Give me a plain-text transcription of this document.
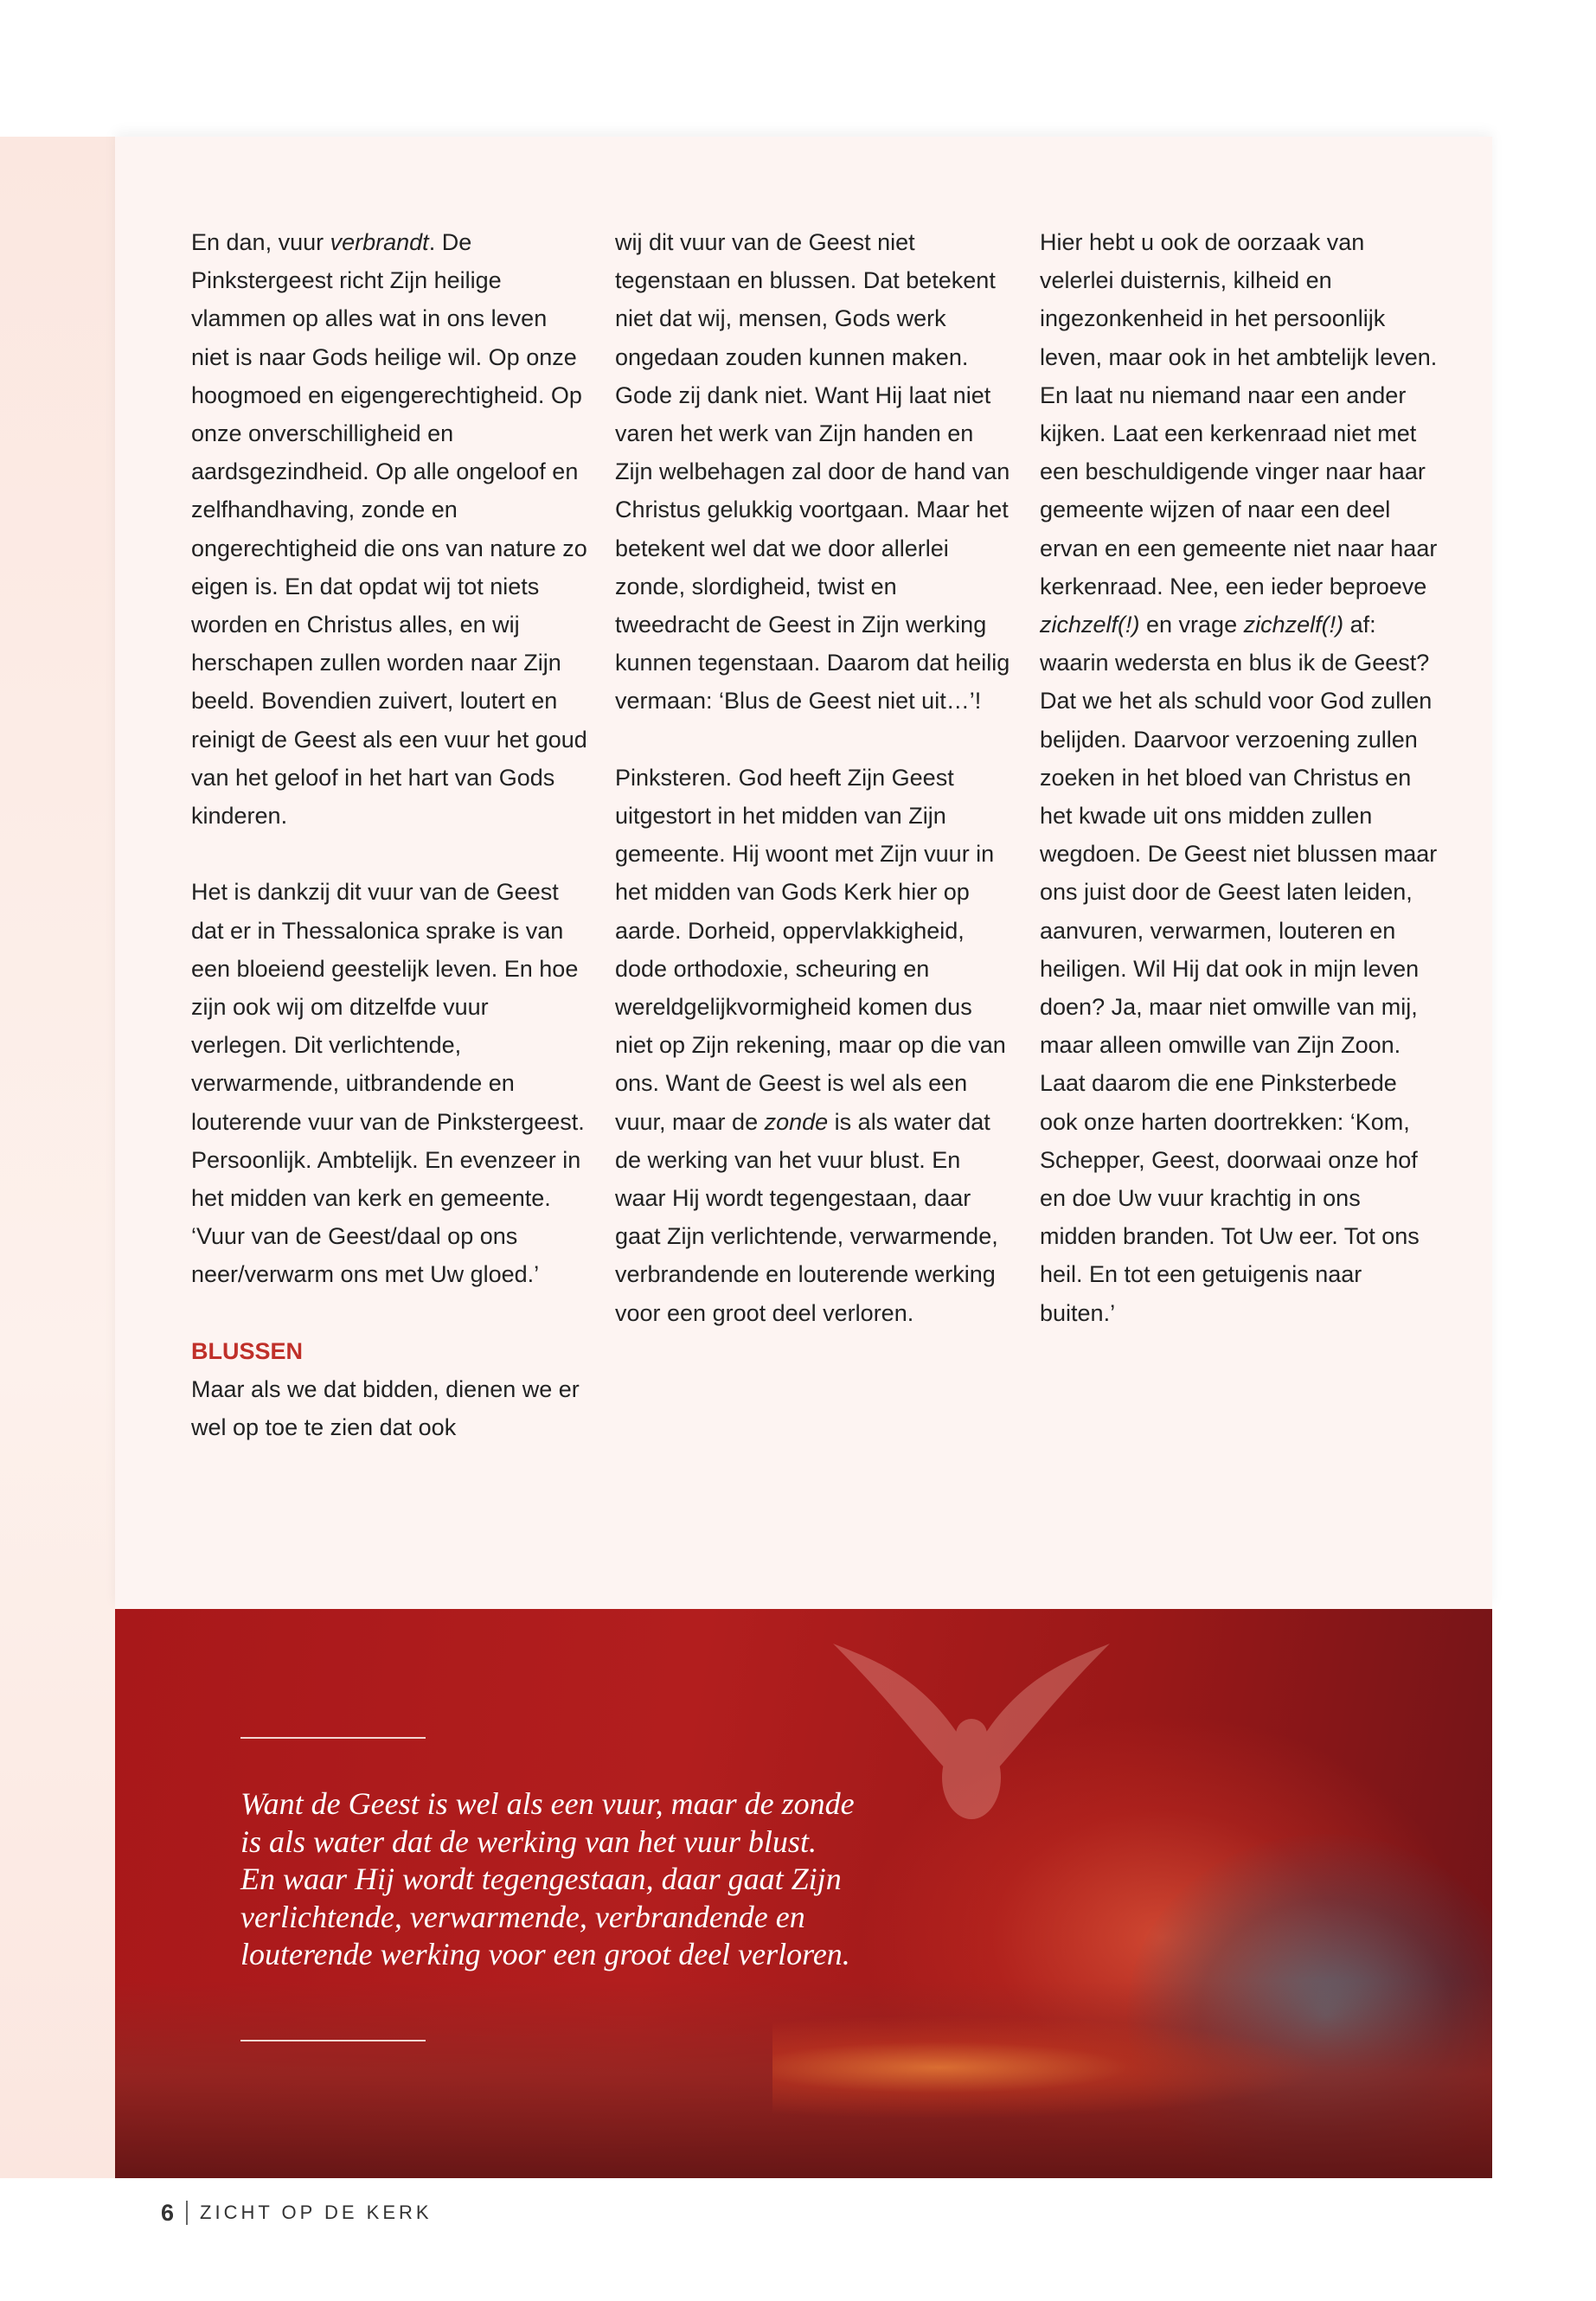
En dan, vuur verbrandt. De Pinkstergeest richt Zijn heilige vlammen op alles wat in ons leven niet is naar Gods heilige wil. Op onze hoogmoed en eigengerechtigheid. Op onze onverschilligheid en aardsgezindheid. Op alle ongeloof en zelfhandhaving, zonde en ongerechtigheid die ons van nature zo eigen is. En dat opdat wij tot niets worden en Christus alles, en wij herschapen zullen worden naar Zijn beeld. Bovendien zuivert, loutert en reinigt de Geest als een vuur het goud van het geloof in het hart van Gods kinderen.

Het is dankzij dit vuur van de Geest dat er in Thessalonica sprake is van een bloeiend geestelijk leven. En hoe zijn ook wij om ditzelfde vuur verlegen. Dit verlichtende, verwarmende, uitbrandende en louterende vuur van de Pinkstergeest. Persoonlijk. Ambtelijk. En evenzeer in het midden van kerk en gemeente. ‘Vuur van de Geest/daal op ons neer/verwarm ons met Uw gloed.’

BLUSSEN
Maar als we dat bidden, dienen we er wel op toe te zien dat ook

wij dit vuur van de Geest niet tegenstaan en blussen. Dat betekent niet dat wij, mensen, Gods werk ongedaan zouden kunnen maken. Gode zij dank niet. Want Hij laat niet varen het werk van Zijn handen en Zijn welbehagen zal door de hand van Christus gelukkig voortgaan. Maar het betekent wel dat we door allerlei zonde, slordigheid, twist en tweedracht de Geest in Zijn werking kunnen tegenstaan. Daarom dat heilig vermaan: ‘Blus de Geest niet uit…’!

Pinksteren. God heeft Zijn Geest uitgestort in het midden van Zijn gemeente. Hij woont met Zijn vuur in het midden van Gods Kerk hier op aarde. Dorheid, oppervlakkigheid, dode orthodoxie, scheuring en wereldgelijkvormigheid komen dus niet op Zijn rekening, maar op die van ons. Want de Geest is wel als een vuur, maar de zonde is als water dat de werking van het vuur blust. En waar Hij wordt tegengestaan, daar gaat Zijn verlichtende, verwarmende, verbrandende en louterende werking voor een groot deel verloren.

Hier hebt u ook de oorzaak van velerlei duisternis, kilheid en ingezonkenheid in het persoonlijk leven, maar ook in het ambtelijk leven. En laat nu niemand naar een ander kijken. Laat een kerkenraad niet met een beschuldigende vinger naar haar gemeente wijzen of naar een deel ervan en een gemeente niet naar haar kerkenraad. Nee, een ieder beproeve zichzelf(!) en vrage zichzelf(!) af: waarin wedersta en blus ik de Geest? Dat we het als schuld voor God zullen belijden. Daarvoor verzoening zullen zoeken in het bloed van Christus en het kwade uit ons midden zullen wegdoen. De Geest niet blussen maar ons juist door de Geest laten leiden, aanvuren, verwarmen, louteren en heiligen. Wil Hij dat ook in mijn leven doen? Ja, maar niet omwille van mij, maar alleen omwille van Zijn Zoon. Laat daarom die ene Pinksterbede ook onze harten doortrekken: ‘Kom, Schepper, Geest, doorwaai onze hof en doe Uw vuur krachtig in ons midden branden. Tot Uw eer. Tot ons heil. En tot een getuigenis naar buiten.’

Want de Geest is wel als een vuur, maar de zonde
is als water dat de werking van het vuur blust.
En waar Hij wordt tegengestaan, daar gaat Zijn
verlichtende, verwarmende, verbrandende en
louterende werking voor een groot deel verloren.
6 ZICHT OP DE KERK
